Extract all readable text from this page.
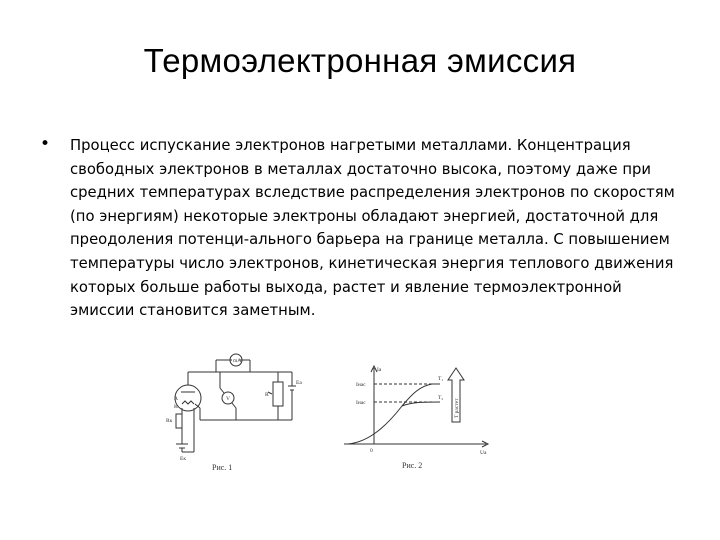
Термоэлектронная эмиссия
• Процесс испускание электронов нагретыми металлами. Концентрация свободных электронов в металлах достаточно высока, поэтому даже при средних температурах вследствие распределения электронов по скоростям (по энергиям) некоторые электроны обладают энергией, достаточной для преодоления потенци-ального барьера на границе металла. С повышением температуры число электронов, кинетическая энергия теплового движения которых больше работы выхода, растет и явление термоэлектронной эмиссии становится заметным.
mA
V
A
K
Rк
Eк
R
Eа
Рис. 1
Iа
Uа
0
Iнас
Iнас
T₁
T₂
T растет
Рис. 2
